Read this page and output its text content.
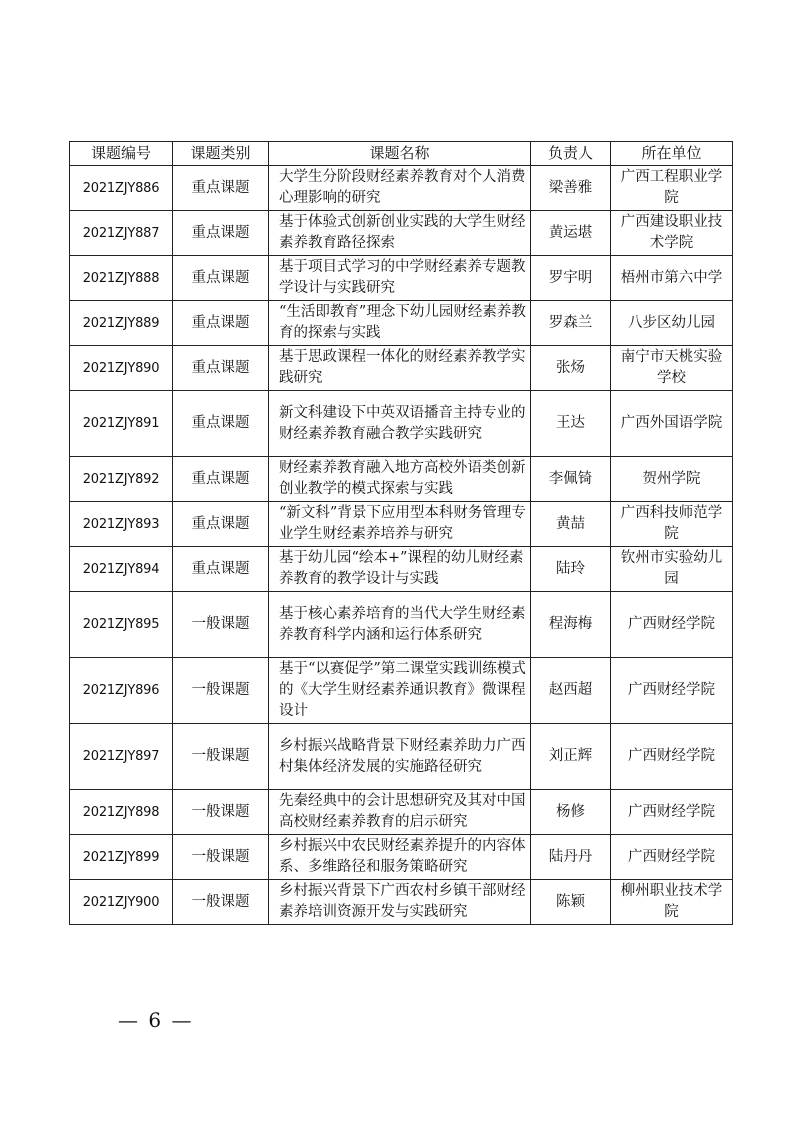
课题编号	课题类别	课题名称	负责人	所在单位
2021ZJY886	重点课题	大学生分阶段财经素养教育对个人消费心理影响的研究	梁善雅	广西工程职业学院
2021ZJY887	重点课题	基于体验式创新创业实践的大学生财经素养教育路径探索	黄运堪	广西建设职业技术学院
2021ZJY888	重点课题	基于项目式学习的中学财经素养专题教学设计与实践研究	罗宇明	梧州市第六中学
2021ZJY889	重点课题	“生活即教育”理念下幼儿园财经素养教育的探索与实践	罗森兰	八步区幼儿园
2021ZJY890	重点课题	基于思政课程一体化的财经素养教学实践研究	张炀	南宁市天桃实验学校
2021ZJY891	重点课题	新文科建设下中英双语播音主持专业的财经素养教育融合教学实践研究	王达	广西外国语学院
2021ZJY892	重点课题	财经素养教育融入地方高校外语类创新创业教学的模式探索与实践	李佩锜	贺州学院
2021ZJY893	重点课题	“新文科”背景下应用型本科财务管理专业学生财经素养培养与研究	黄喆	广西科技师范学院
2021ZJY894	重点课题	基于幼儿园“绘本+”课程的幼儿财经素养教育的教学设计与实践	陆玲	钦州市实验幼儿园
2021ZJY895	一般课题	基于核心素养培育的当代大学生财经素养教育科学内涵和运行体系研究	程海梅	广西财经学院
2021ZJY896	一般课题	基于“以赛促学”第二课堂实践训练模式的《大学生财经素养通识教育》微课程设计	赵西超	广西财经学院
2021ZJY897	一般课题	乡村振兴战略背景下财经素养助力广西村集体经济发展的实施路径研究	刘正辉	广西财经学院
2021ZJY898	一般课题	先秦经典中的会计思想研究及其对中国高校财经素养教育的启示研究	杨修	广西财经学院
2021ZJY899	一般课题	乡村振兴中农民财经素养提升的内容体系、多维路径和服务策略研究	陆丹丹	广西财经学院
2021ZJY900	一般课题	乡村振兴背景下广西农村乡镇干部财经素养培训资源开发与实践研究	陈颖	柳州职业技术学院
— 6 —
